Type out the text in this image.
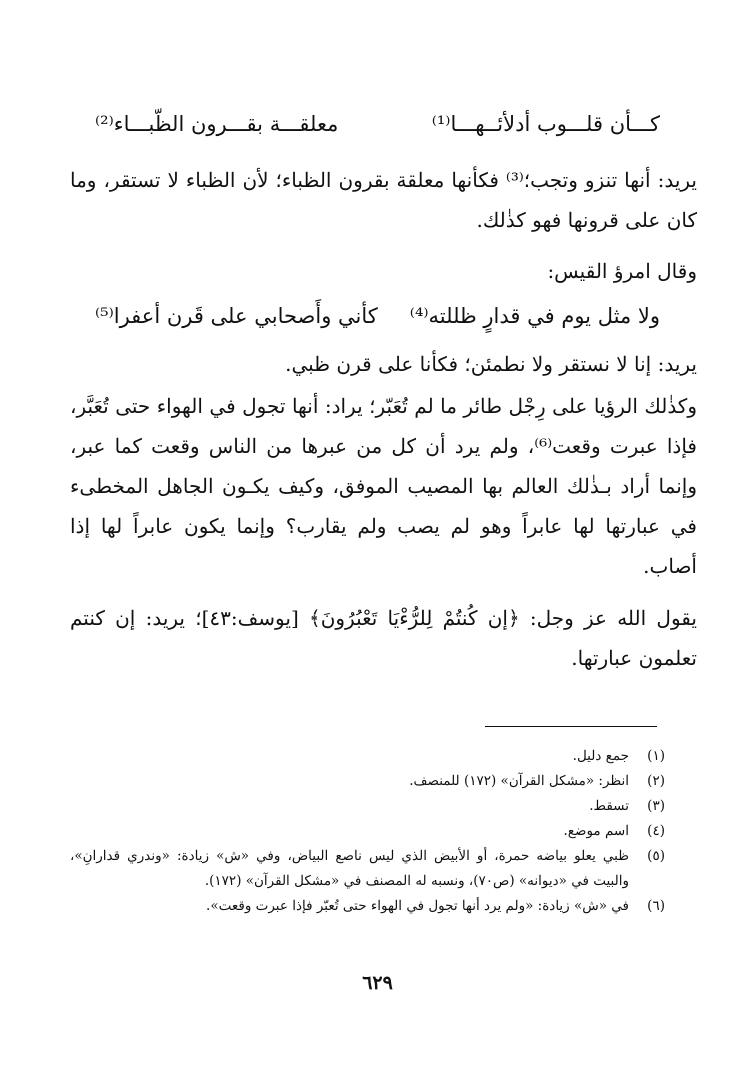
كـــأن قلـــوب أدلأئــهـــا⁽¹⁾
معلقـــة بقـــرون الظّبـــاء⁽²⁾
يريد: أنها تنزو وتجب؛⁽³⁾ فكأنها معلقة بقرون الظباء؛ لأن الظباء لا تستقر، وما كان على قرونها فهو كذٰلك.
وقال امرؤ القيس:
ولا مثل يوم في قدارٍ ظللته⁽⁴⁾
كأني وأَصحابي على قَرن أعفرا⁽⁵⁾
يريد: إنا لا نستقر ولا نطمئن؛ فكأنا على قرن ظبي.
وكذٰلك الرؤيا على رِجْل طائر ما لم تُعَبّر؛ يراد: أنها تجول في الهواء حتى تُعَبَّر، فإذا عبرت وقعت⁽⁶⁾، ولم يرد أن كل من عبرها من الناس وقعت كما عبر، وإنما أراد بـذٰلك العالم بها المصيب الموفق، وكيف يكـون الجاهل المخطىء في عبارتها لها عابراً وهو لم يصب ولم يقارب؟ وإنما يكون عابراً لها إذا أصاب.
يقول الله عز وجل: ﴿إن كُنتُمْ لِلرُّءْيَا تَعْبُرُونَ﴾ [يوسف:٤٣]؛ يريد: إن كنتم تعلمون عبارتها.
(١)
جمع دليل.
(٢)
انظر: «مشكل القرآن» (١٧٢) للمنصف.
(٣)
تسقط.
(٤)
اسم موضع.
(٥)
ظبي يعلو بياضه حمرة، أو الأبيض الذي ليس ناصع البياض، وفي «ش» زيادة: «وندري قدارانِ»، والبيت في «ديوانه» (ص٧٠)، ونسبه له المصنف في «مشكل القرآن» (١٧٢).
(٦)
في «ش» زيادة: «ولم يرد أنها تجول في الهواء حتى تُعبّر فإذا عبرت وقعت».
٦٢٩
